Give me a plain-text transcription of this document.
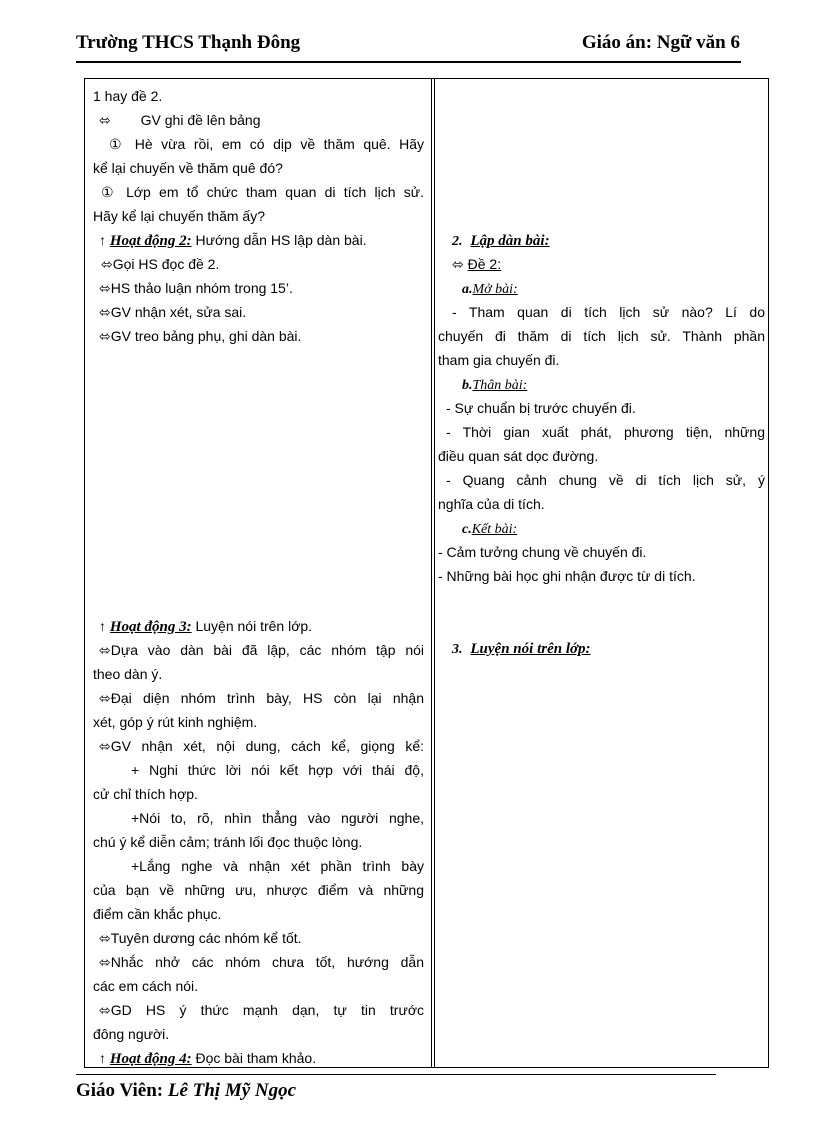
Trường THCS Thạnh Đông	Giáo án: Ngữ văn 6
1 hay đề 2.
⬄ GV ghi đề lên bảng
① Hè vừa rồi, em có dịp về thăm quê. Hãy
kể lại chuyến về thăm quê đó?
① Lớp em tổ chức tham quan di tích lịch sử.
Hãy kể lại chuyến thăm ấy?
↑ Hoạt động 2: Hướng dẫn HS lập dàn bài.
⬄Gọi HS đọc đề 2.
⬄HS thảo luận nhóm trong 15’.
⬄GV nhận xét, sửa sai.
⬄GV treo bảng phụ, ghi dàn bài.
↑ Hoạt động 3: Luyện nói trên lớp.
⬄Dựa vào dàn bài đã lập, các nhóm tập nói
theo dàn ý.
⬄Đại diện nhóm trình bày, HS còn lại nhận
xét, góp ý rút kinh nghiệm.
⬄GV nhận xét, nội dung, cách kể, giọng kể:
+ Nghi thức lời nói kết hợp với thái độ,
cử chỉ thích hợp.
+Nói to, rõ, nhìn thẳng vào người nghe,
chú ý kể diễn cảm; tránh lối đọc thuộc lòng.
+Lắng nghe và nhận xét phần trình bày
của bạn về những ưu, nhược điểm và những
điểm cần khắc phục.
⬄Tuyên dương các nhóm kể tốt.
⬄Nhắc nhở các nhóm chưa tốt, hướng dẫn
các em cách nói.
⬄GD HS ý thức mạnh dạn, tự tin trước
đông người.
↑ Hoạt động 4: Đọc bài tham khảo.
2. Lập dàn bài:
⬄ Đề 2:
a.Mở bài:
- Tham quan di tích lịch sử nào? Lí do
chuyến đi thăm di tích lịch sử. Thành phần
tham gia chuyến đi.
b.Thân bài:
- Sự chuẩn bị trước chuyến đi.
- Thời gian xuất phát, phương tiện, những
điều quan sát dọc đường.
- Quang cảnh chung về di tích lịch sử, ý
nghĩa của di tích.
c.Kết bài:
- Cảm tưởng chung về chuyến đi.
- Những bài học ghi nhận được từ di tích.
3. Luyện nói trên lớp:
Giáo Viên: Lê Thị Mỹ Ngọc
